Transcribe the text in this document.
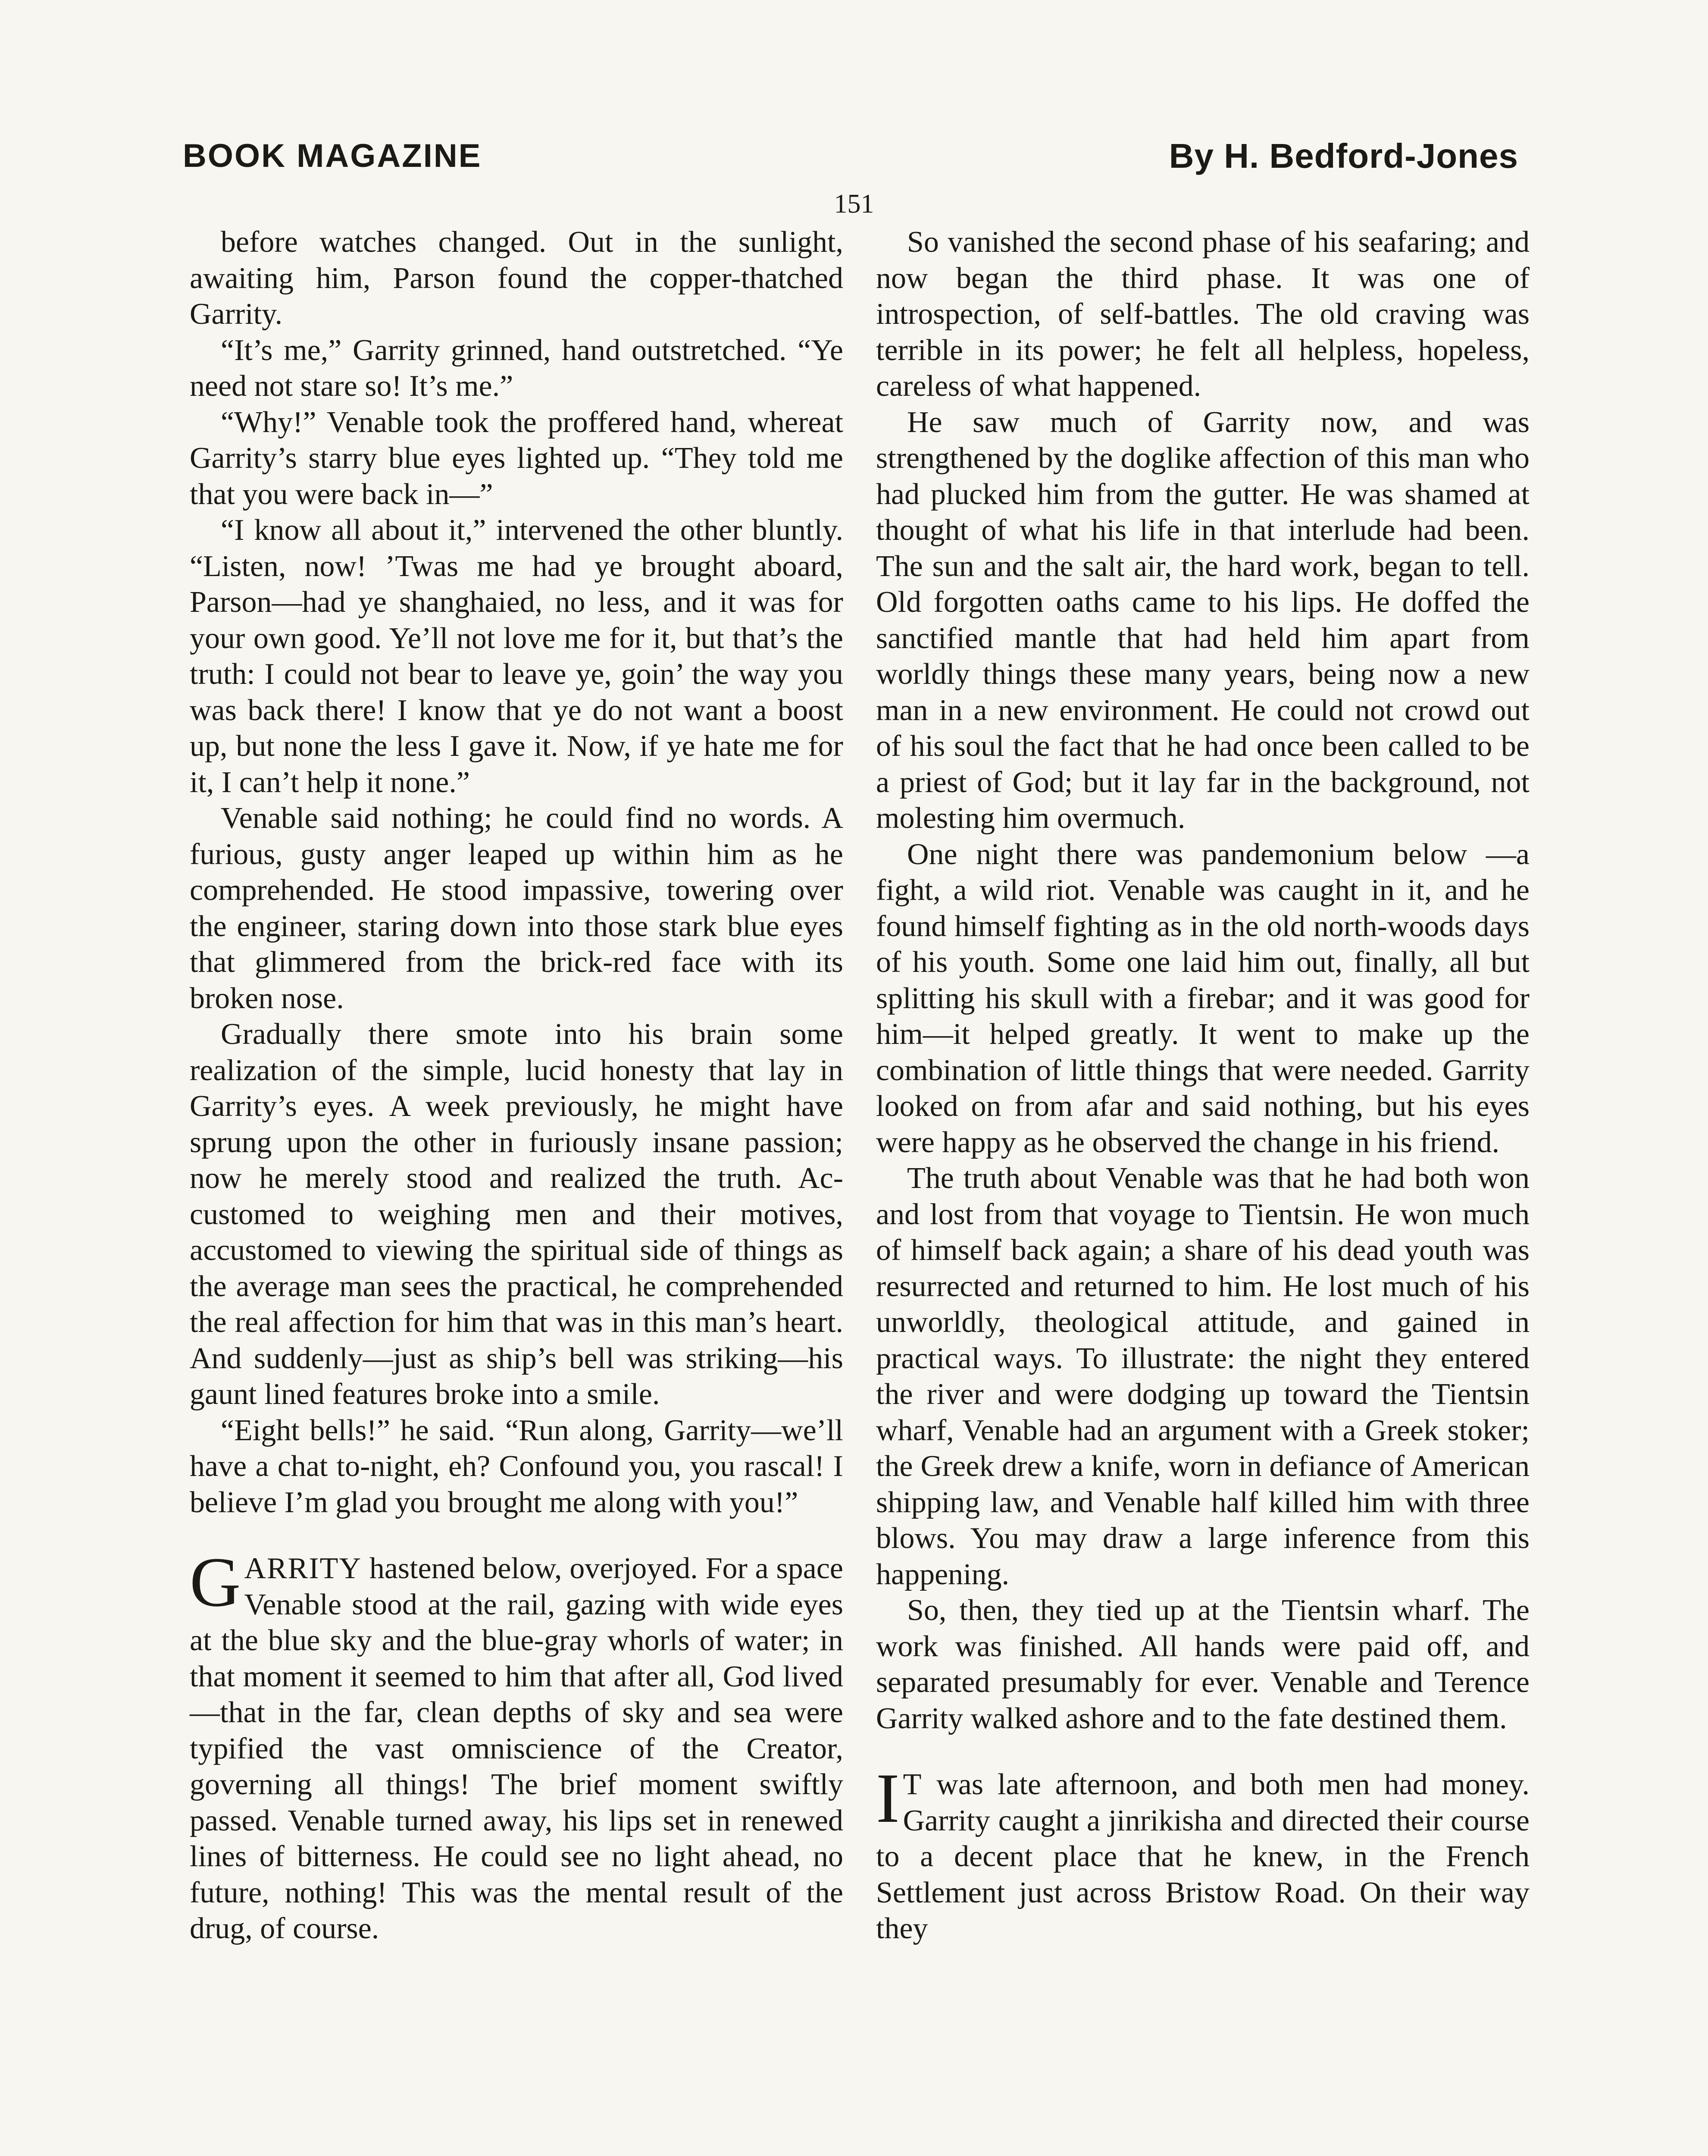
BOOK MAGAZINE	By H. Bedford-Jones
151

before watches changed. Out in the sunlight, awaiting him, Parson found the copper-thatched Garrity.

“It’s me,” Garrity grinned, hand outstretched. “Ye need not stare so! It’s me.”

“Why!” Venable took the proffered hand, whereat Garrity’s starry blue eyes lighted up. “They told me that you were back in—”

“I know all about it,” intervened the other bluntly. “Listen, now! ’Twas me had ye brought aboard, Parson—had ye shanghaied, no less, and it was for your own good. Ye’ll not love me for it, but that’s the truth: I could not bear to leave ye, goin’ the way you was back there! I know that ye do not want a boost up, but none the less I gave it. Now, if ye hate me for it, I can’t help it none.”

Venable said nothing; he could find no words. A furious, gusty anger leaped up within him as he comprehended. He stood impassive, towering over the engineer, staring down into those stark blue eyes that glimmered from the brick-red face with its broken nose.

Gradually there smote into his brain some realization of the simple, lucid honesty that lay in Garrity’s eyes. A week previously, he might have sprung upon the other in furiously insane passion; now he merely stood and realized the truth. Accustomed to weighing men and their motives, accustomed to viewing the spiritual side of things as the average man sees the practical, he comprehended the real affection for him that was in this man’s heart. And suddenly—just as ship’s bell was striking—his gaunt lined features broke into a smile.

“Eight bells!” he said. “Run along, Garrity—we’ll have a chat to-night, eh? Confound you, you rascal! I believe I’m glad you brought me along with you!”

GARRITY hastened below, overjoyed. For a space Venable stood at the rail, gazing with wide eyes at the blue sky and the blue-gray whorls of water; in that moment it seemed to him that after all, God lived—that in the far, clean depths of sky and sea were typified the vast omniscience of the Creator, governing all things! The brief moment swiftly passed. Venable turned away, his lips set in renewed lines of bitterness. He could see no light ahead, no future, nothing! This was the mental result of the drug, of course.

So vanished the second phase of his seafaring; and now began the third phase. It was one of introspection, of self-battles. The old craving was terrible in its power; he felt all helpless, hopeless, careless of what happened.

He saw much of Garrity now, and was strengthened by the doglike affection of this man who had plucked him from the gutter. He was shamed at thought of what his life in that interlude had been. The sun and the salt air, the hard work, began to tell. Old forgotten oaths came to his lips. He doffed the sanctified mantle that had held him apart from worldly things these many years, being now a new man in a new environment. He could not crowd out of his soul the fact that he had once been called to be a priest of God; but it lay far in the background, not molesting him overmuch.

One night there was pandemonium below —a fight, a wild riot. Venable was caught in it, and he found himself fighting as in the old north-woods days of his youth. Some one laid him out, finally, all but splitting his skull with a firebar; and it was good for him—it helped greatly. It went to make up the combination of little things that were needed. Garrity looked on from afar and said nothing, but his eyes were happy as he observed the change in his friend.

The truth about Venable was that he had both won and lost from that voyage to Tientsin. He won much of himself back again; a share of his dead youth was resurrected and returned to him. He lost much of his unworldly, theological attitude, and gained in practical ways. To illustrate: the night they entered the river and were dodging up toward the Tientsin wharf, Venable had an argument with a Greek stoker; the Greek drew a knife, worn in defiance of American shipping law, and Venable half killed him with three blows. You may draw a large inference from this happening.

So, then, they tied up at the Tientsin wharf. The work was finished. All hands were paid off, and separated presumably for ever. Venable and Terence Garrity walked ashore and to the fate destined them.

I T was late afternoon, and both men had money. Garrity caught a jinrikisha and directed their course to a decent place that he knew, in the French Settlement just across Bristow Road. On their way they
